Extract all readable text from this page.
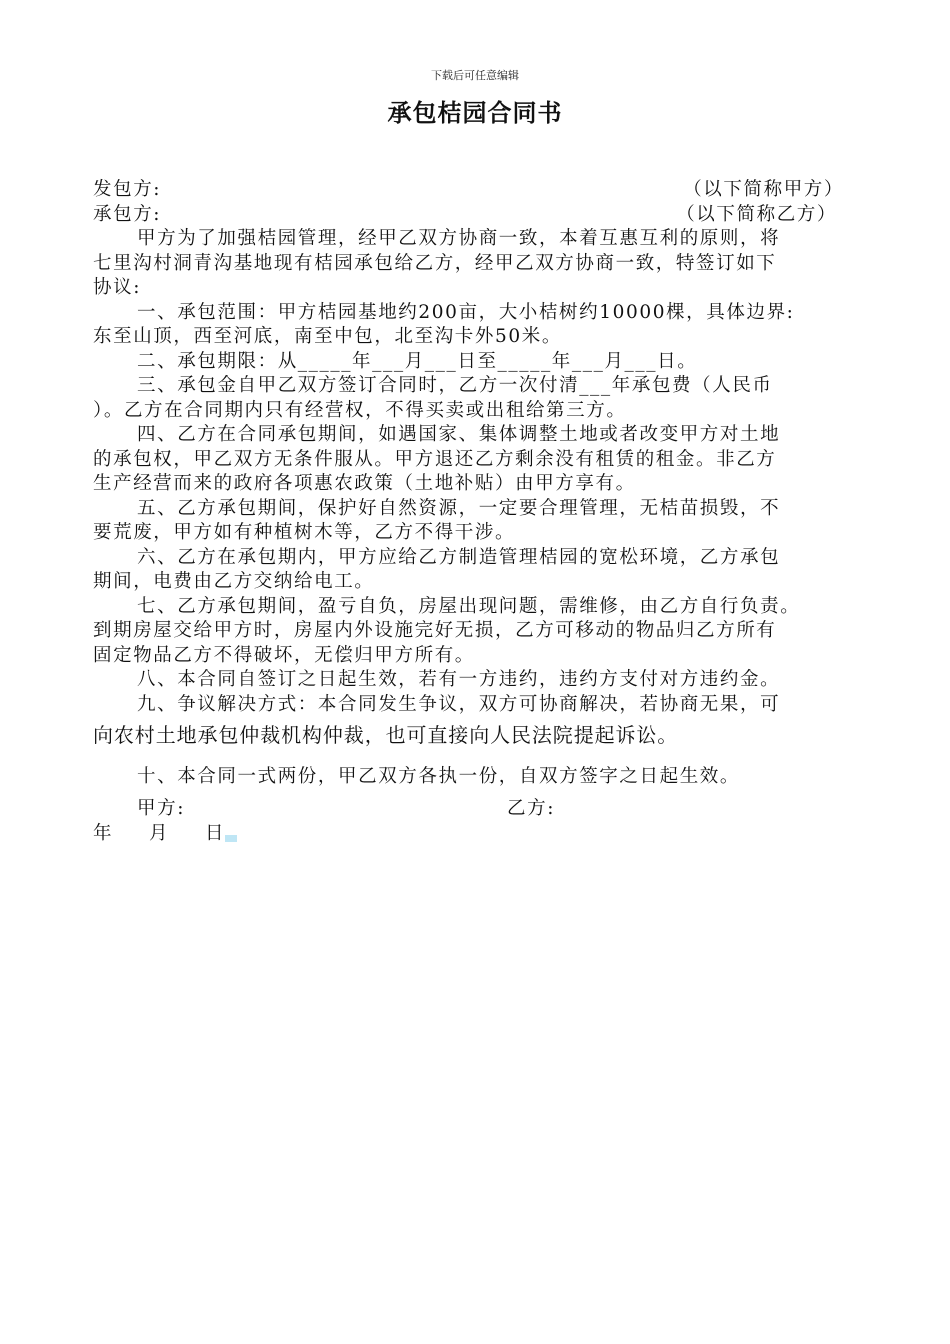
下载后可任意编辑
承包桔园合同书
发包方:	（以下简称甲方）
承包方:	（以下简称乙方）
甲方为了加强桔园管理，经甲乙双方协商一致，本着互惠互利的原则，将
七里沟村洞青沟基地现有桔园承包给乙方，经甲乙双方协商一致，特签订如下
协议:
一、承包范围：甲方桔园基地约200亩，大小桔树约10000棵，具体边界:
东至山顶，西至河底，南至中包，北至沟卡外50米。
二、承包期限：从_____年___月___日至_____年___月___日。
三、承包金自甲乙双方签订合同时，乙方一次付清___年承包费（人民币
）。乙方在合同期内只有经营权，不得买卖或出租给第三方。
四、乙方在合同承包期间，如遇国家、集体调整土地或者改变甲方对土地
的承包权，甲乙双方无条件服从。甲方退还乙方剩余没有租赁的租金。非乙方
生产经营而来的政府各项惠农政策（土地补贴）由甲方享有。
五、乙方承包期间，保护好自然资源，一定要合理管理，无桔苗损毁，不
要荒废，甲方如有种植树木等，乙方不得干涉。
六、乙方在承包期内，甲方应给乙方制造管理桔园的宽松环境，乙方承包
期间，电费由乙方交纳给电工。
七、乙方承包期间，盈亏自负，房屋出现问题，需维修，由乙方自行负责。
到期房屋交给甲方时，房屋内外设施完好无损，乙方可移动的物品归乙方所有
固定物品乙方不得破坏，无偿归甲方所有。
八、本合同自签订之日起生效，若有一方违约，违约方支付对方违约金。
九、争议解决方式：本合同发生争议，双方可协商解决，若协商无果，可
向农村土地承包仲裁机构仲裁，也可直接向人民法院提起诉讼。
十、本合同一式两份，甲乙双方各执一份，自双方签字之日起生效。
甲方:	乙方:
年 月 日
